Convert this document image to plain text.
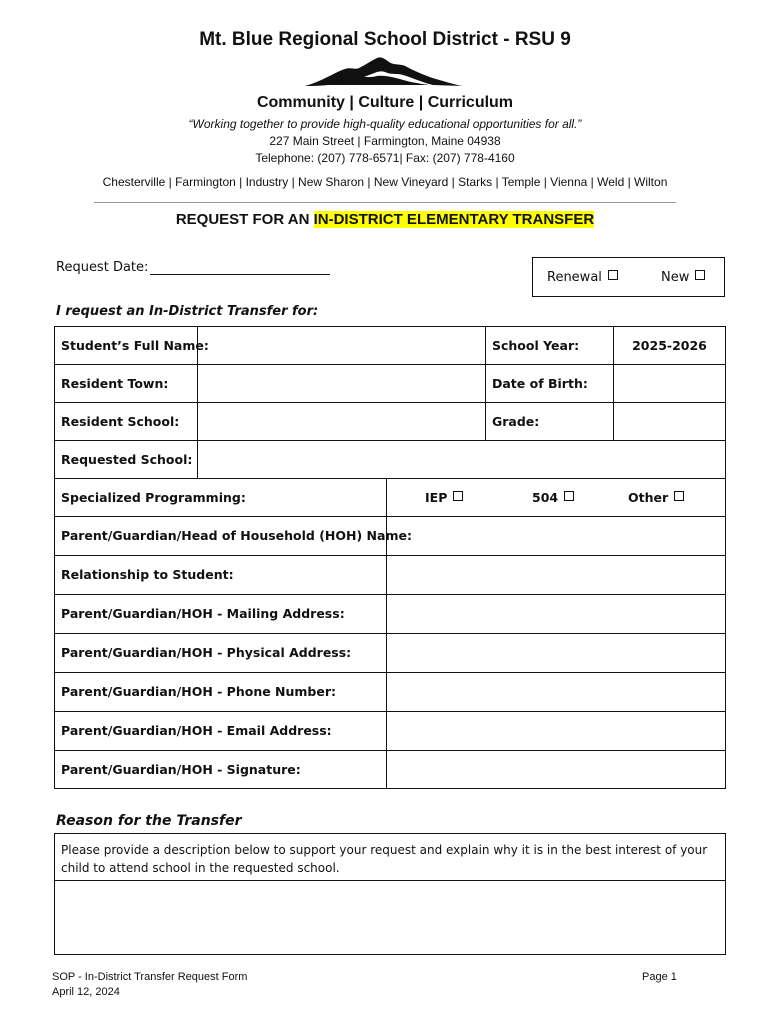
Mt. Blue Regional School District - RSU 9
Community | Culture | Curriculum
“Working together to provide high-quality educational opportunities for all.”
227 Main Street | Farmington, Maine 04938
Telephone: (207) 778-6571| Fax: (207) 778-4160
Chesterville | Farmington | Industry | New Sharon | New Vineyard | Starks | Temple | Vienna | Weld | Wilton
REQUEST FOR AN IN-DISTRICT ELEMENTARY TRANSFER
Request Date:
Renewal	New
I request an In-District Transfer for:
Student’s Full Name:	School Year:	2025-2026
Resident Town:	Date of Birth:
Resident School:	Grade:
Requested School:
Specialized Programming:	IEP	504	Other
Parent/Guardian/Head of Household (HOH) Name:
Relationship to Student:
Parent/Guardian/HOH - Mailing Address:
Parent/Guardian/HOH - Physical Address:
Parent/Guardian/HOH - Phone Number:
Parent/Guardian/HOH - Email Address:
Parent/Guardian/HOH - Signature:
Reason for the Transfer
Please provide a description below to support your request and explain why it is in the best interest of your child to attend school in the requested school.
SOP - In-District Transfer Request Form
April 12, 2024
Page 1
